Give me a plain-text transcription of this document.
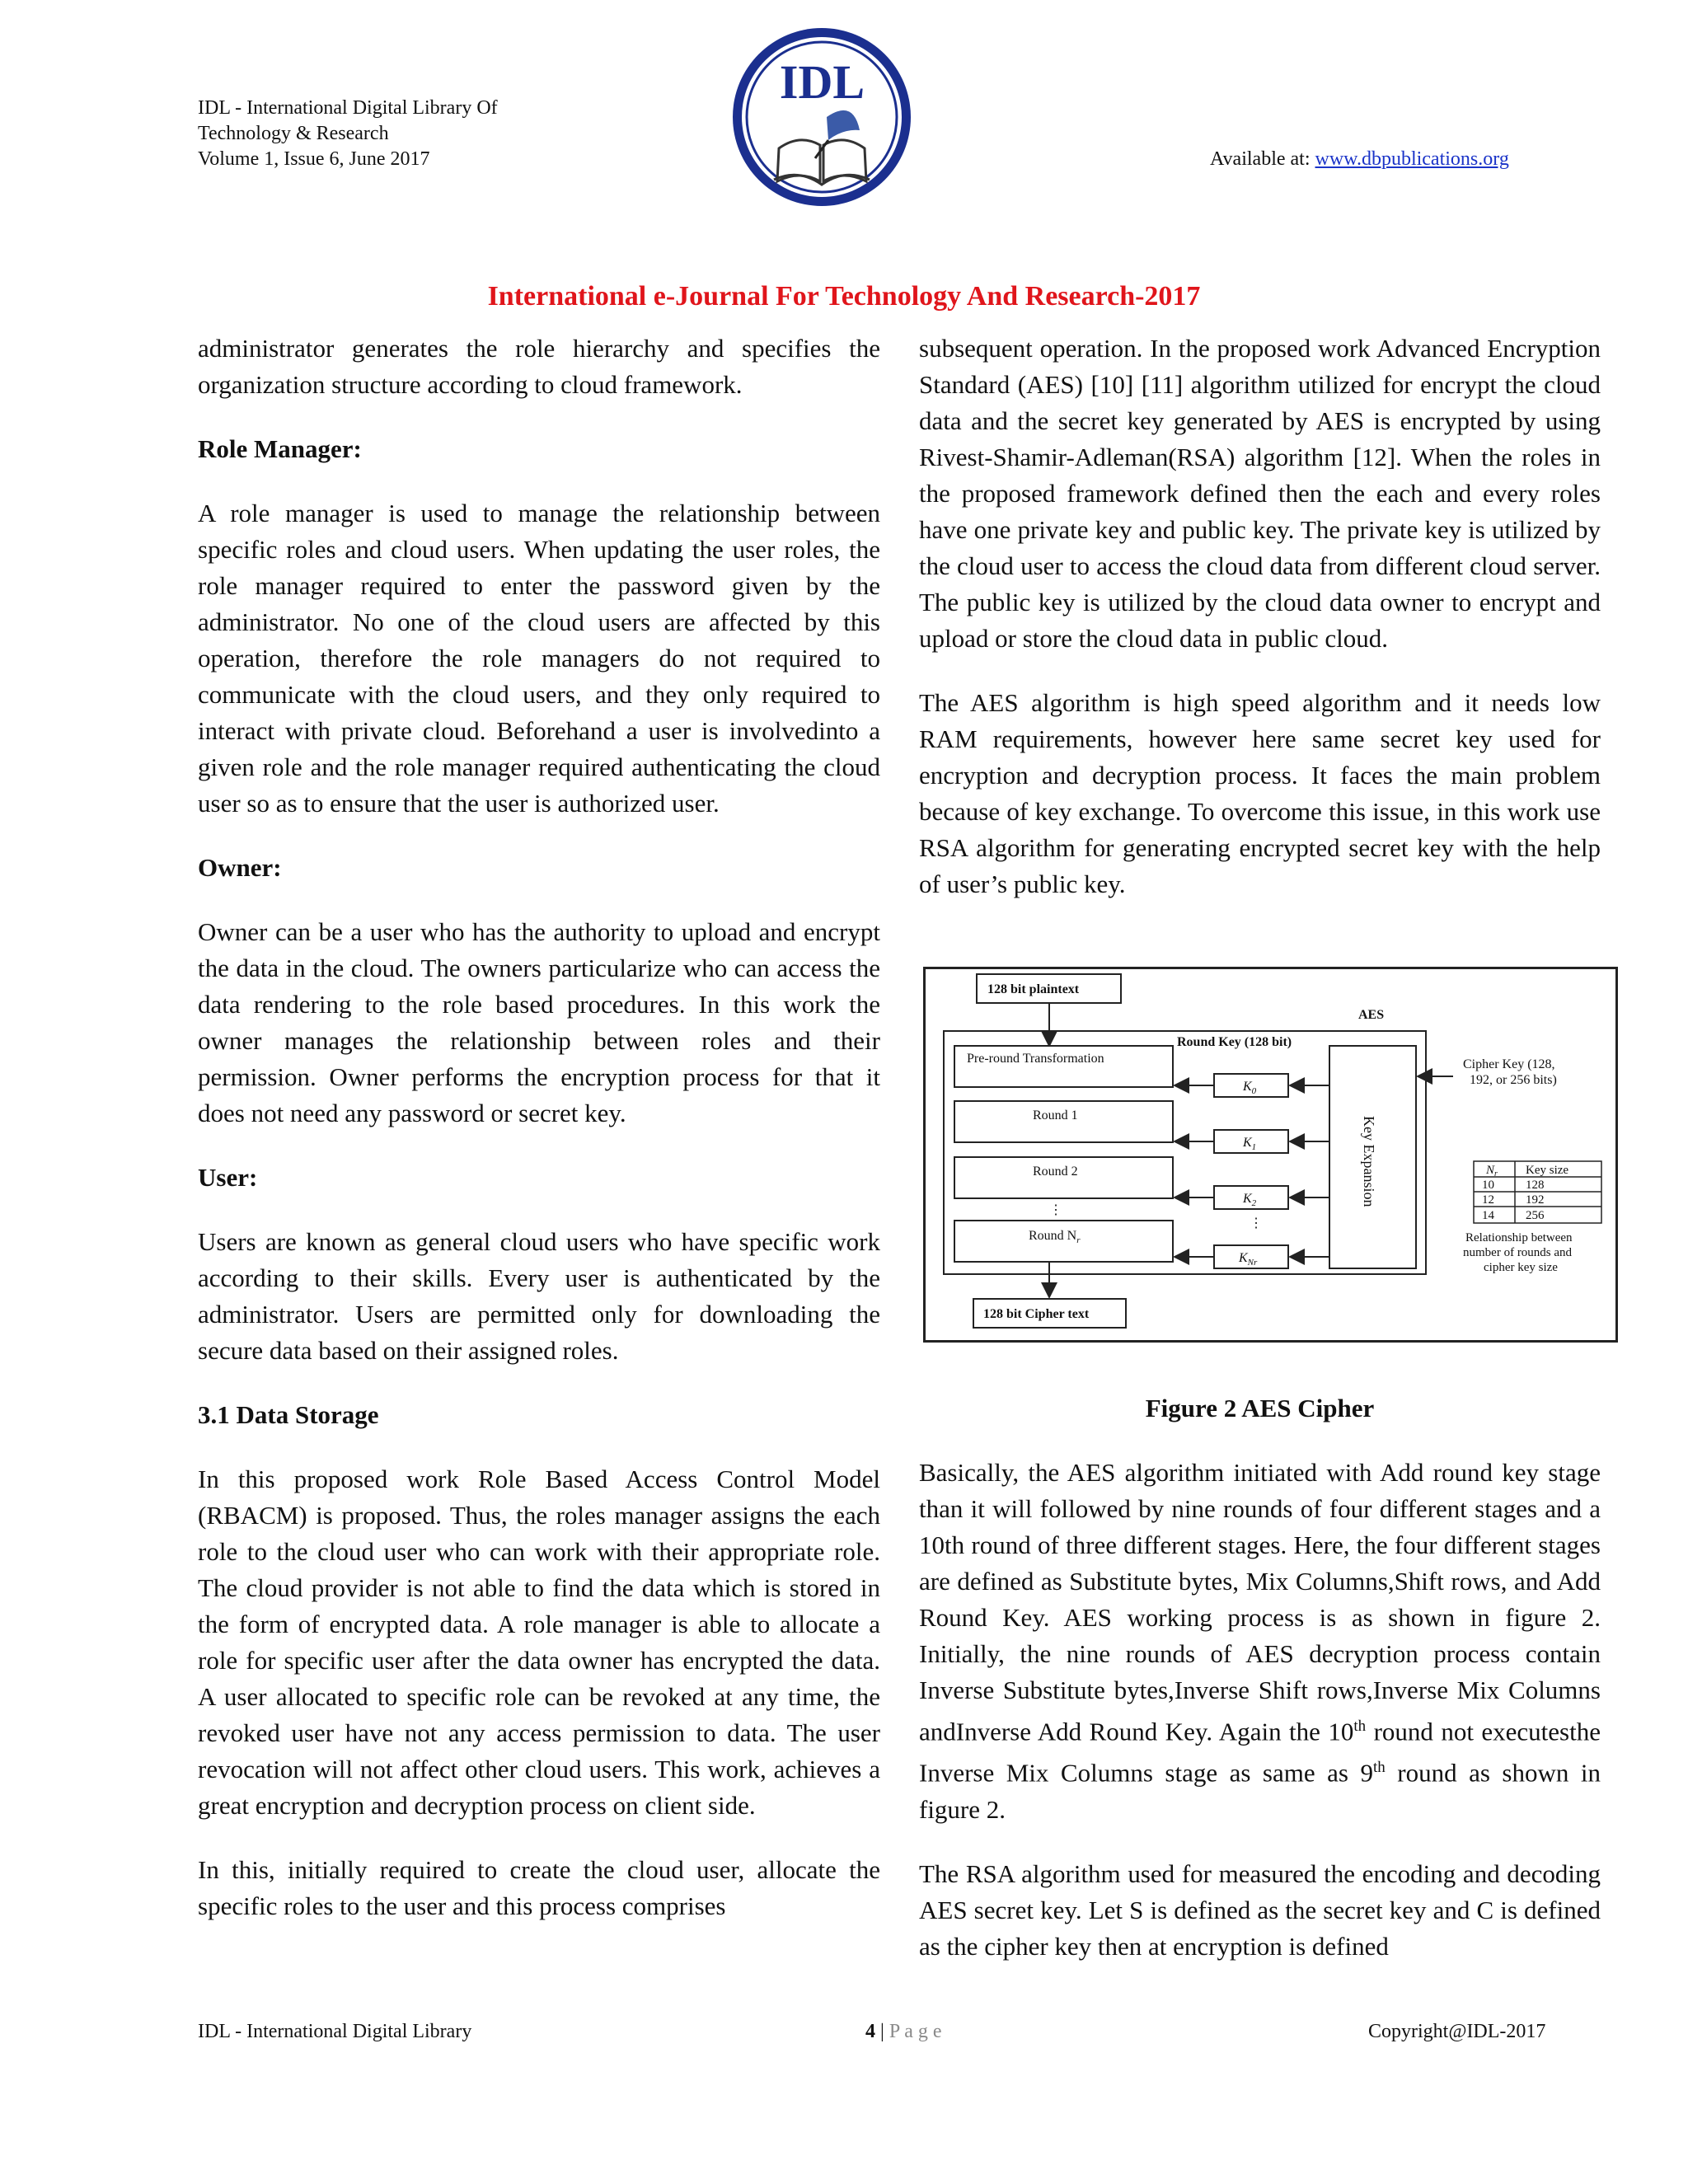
IDL - International Digital Library Of
Technology & Research
Volume 1, Issue 6, June 2017
IDL
Available at: www.dbpublications.org
International e-Journal For Technology And Research-2017

administrator generates the role hierarchy and specifies the organization structure according to cloud framework.

Role Manager:

A role manager is used to manage the relationship between specific roles and cloud users. When updating the user roles, the role manager required to enter the password given by the administrator. No one of the cloud users are affected by this operation, therefore the role managers do not required to communicate with the cloud users, and they only required to interact with private cloud. Beforehand a user is involvedinto a given role and the role manager required authenticating the cloud user so as to ensure that the user is authorized user.

Owner:

Owner can be a user who has the authority to upload and encrypt the data in the cloud. The owners particularize who can access the data rendering to the role based procedures. In this work the owner manages the relationship between roles and their permission. Owner performs the encryption process for that it does not need any password or secret key.

User:

Users are known as general cloud users who have specific work according to their skills. Every user is authenticated by the administrator. Users are permitted only for downloading the secure data based on their assigned roles.

3.1 Data Storage

In this proposed work Role Based Access Control Model (RBACM) is proposed. Thus, the roles manager assigns the each role to the cloud user who can work with their appropriate role. The cloud provider is not able to find the data which is stored in the form of encrypted data. A role manager is able to allocate a role for specific user after the data owner has encrypted the data. A user allocated to specific role can be revoked at any time, the revoked user have not any access permission to data. The user revocation will not affect other cloud users. This work, achieves a great encryption and decryption process on client side.

In this, initially required to create the cloud user, allocate the specific roles to the user and this process comprises

subsequent operation. In the proposed work Advanced Encryption Standard (AES) [10] [11] algorithm utilized for encrypt the cloud data and the secret key generated by AES is encrypted by using Rivest-Shamir-Adleman(RSA) algorithm [12]. When the roles in the proposed framework defined then the each and every roles have one private key and public key. The private key is utilized by the cloud user to access the cloud data from different cloud server. The public key is utilized by the cloud data owner to encrypt and upload or store the cloud data in public cloud.

The AES algorithm is high speed algorithm and it needs low RAM requirements, however here same secret key used for encryption and decryption process. It faces the main problem because of key exchange. To overcome this issue, in this work use RSA algorithm for generating encrypted secret key with the help of user’s public key.

AES
128 bit plaintext
Round Key (128 bit)
Pre-round Transformation
Round 1
Round 2
⋮
Round $N_r$
$K_0$
$K_1$
$K_2$
⋮
$K_{Nr}$
Key Expansion
Cipher Key (128,
192, or 256 bits)
$N_r$ Key size
10	128
12	192
14	256
Relationship between
number of rounds and
cipher key size
128 bit Cipher text
Figure 2 AES Cipher

Basically, the AES algorithm initiated with Add round key stage than it will followed by nine rounds of four different stages and a 10th round of three different stages. Here, the four different stages are defined as Substitute bytes, Mix Columns,Shift rows, and Add Round Key. AES working process is as shown in figure 2. Initially, the nine rounds of AES decryption process contain Inverse Substitute bytes,Inverse Shift rows,Inverse Mix Columns andInverse Add Round Key. Again the 10th round not executesthe Inverse Mix Columns stage as same as 9th round as shown in figure 2.

The RSA algorithm used for measured the encoding and decoding AES secret key. Let S is defined as the secret key and C is defined as the cipher key then at encryption is defined

IDL - International Digital Library	4 | P a g e	Copyright@IDL-2017
